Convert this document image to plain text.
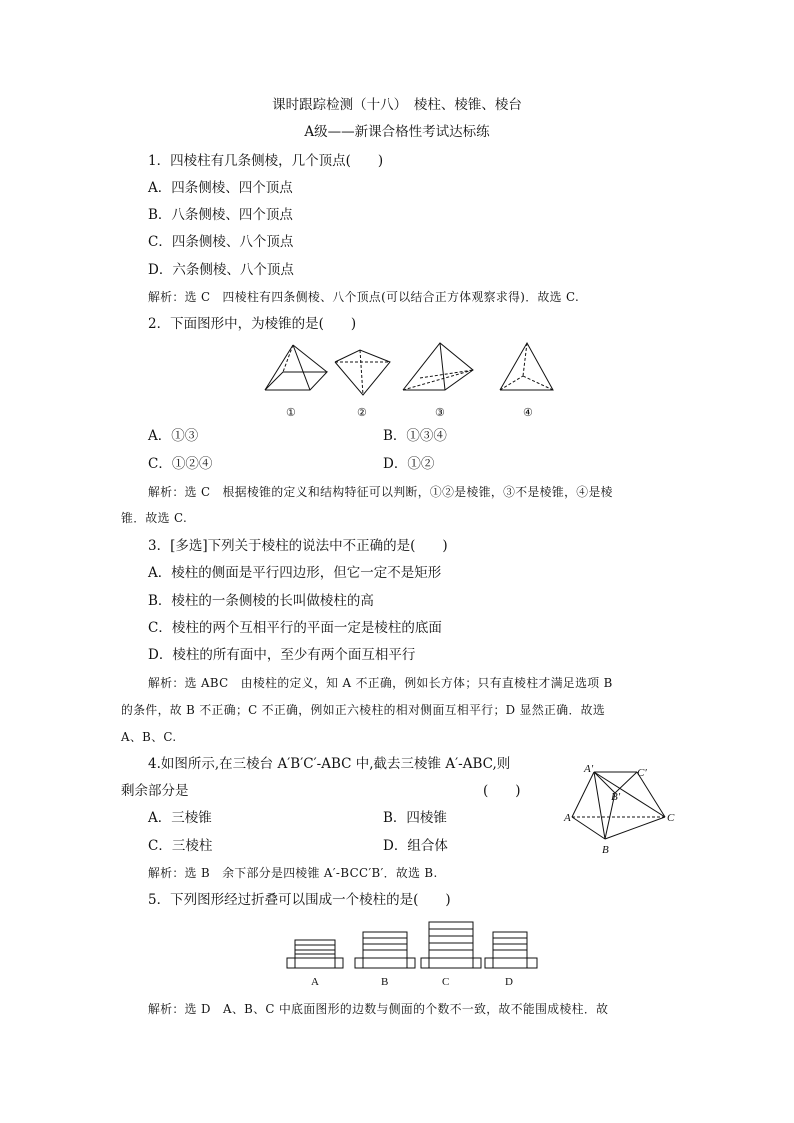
课时跟踪检测（十八）　棱柱、棱锥、棱台
A级——新课合格性考试达标练
1．四棱柱有几条侧棱，几个顶点(　　)
A．四条侧棱、四个顶点
B．八条侧棱、四个顶点
C．四条侧棱、八个顶点
D．六条侧棱、八个顶点
解析：选 C　四棱柱有四条侧棱、八个顶点(可以结合正方体观察求得)．故选 C.
2．下面图形中，为棱锥的是(　　)
①	②	③	④
A．①③	B．①③④
C．①②④	D．①②
解析：选 C　根据棱锥的定义和结构特征可以判断，①②是棱锥，③不是棱锥，④是棱
锥．故选 C.
3．[多选]下列关于棱柱的说法中不正确的是(　　)
A．棱柱的侧面是平行四边形，但它一定不是矩形
B．棱柱的一条侧棱的长叫做棱柱的高
C．棱柱的两个互相平行的平面一定是棱柱的底面
D．棱柱的所有面中，至少有两个面互相平行
解析：选 ABC　由棱柱的定义，知 A 不正确，例如长方体；只有直棱柱才满足选项 B
的条件，故 B 不正确；C 不正确，例如正六棱柱的相对侧面互相平行；D 显然正确．故选
A、B、C.
4.如图所示,在三棱台 A′B′C′-ABC 中,截去三棱锥 A′-ABC,则
剩余部分是	(　　)
A．三棱锥	B．四棱锥
C．三棱柱	D．组合体
解析：选 B　余下部分是四棱锥 A′-BCC′B′．故选 B.
A′	C′
B′
A	C
B
5．下列图形经过折叠可以围成一个棱柱的是(　　)
A	B	C	D
解析：选 D　A、B、C 中底面图形的边数与侧面的个数不一致，故不能围成棱柱．故
